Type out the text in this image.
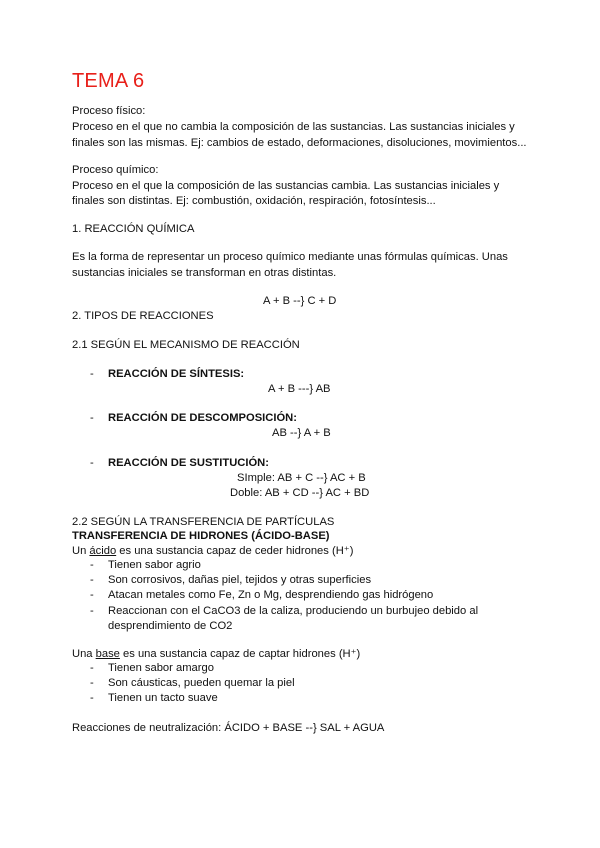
TEMA 6
Proceso físico:
Proceso en el que no cambia la composición de las sustancias. Las sustancias iniciales y
finales son las mismas. Ej: cambios de estado, deformaciones, disoluciones, movimientos...
Proceso químico:
Proceso en el que la composición de las sustancias cambia. Las sustancias iniciales y
finales son distintas. Ej: combustión, oxidación, respiración, fotosíntesis...
1. REACCIÓN QUÍMICA
Es la forma de representar un proceso químico mediante unas fórmulas químicas. Unas
sustancias iniciales se transforman en otras distintas.
A + B --} C + D
2. TIPOS DE REACCIONES
2.1 SEGÚN EL MECANISMO DE REACCIÓN
- REACCIÓN DE SÍNTESIS:
A + B ---} AB
- REACCIÓN DE DESCOMPOSICIÓN:
AB --} A + B
- REACCIÓN DE SUSTITUCIÓN:
SImple: AB + C --} AC + B
Doble: AB + CD --} AC + BD
2.2 SEGÚN LA TRANSFERENCIA DE PARTÍCULAS
TRANSFERENCIA DE HIDRONES (ÁCIDO-BASE)
Un ácido es una sustancia capaz de ceder hidrones (H⁺)
- Tienen sabor agrio
- Son corrosivos, dañas piel, tejidos y otras superficies
- Atacan metales como Fe, Zn o Mg, desprendiendo gas hidrógeno
- Reaccionan con el CaCO3 de la caliza, produciendo un burbujeo debido al desprendimiento de CO2
Una base es una sustancia capaz de captar hidrones (H⁺)
- Tienen sabor amargo
- Son cáusticas, pueden quemar la piel
- Tienen un tacto suave
Reacciones de neutralización: ÁCIDO + BASE --} SAL + AGUA
